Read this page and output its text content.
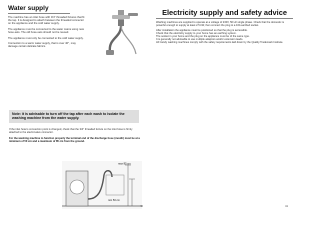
Water supply

The machine has an inlet hose with 3/4" threaded fixtures that fit the tap. It is designed to attach between the threaded connector on the appliance and the cold water supply.

The appliance must be connected to the water mains using new hose-sets. The old hose-sets should not be reused.

The appliance must only be connected to the cold water supply.

Connection to a warm water supply, that is over 40°, may damage certain delicate fabrics.

Note: it is advisable to turn off the tap after each wash to isolate the washing machine from the water supply.

If the inlet hose's connection point is changed, check that the 3/4" threaded ferrule on the inlet hose is firmly attached to the electrovalve connector.

For the washing machine to function properly the terminal end of the discharge hose (mouth) must be at a minimum of 50 cm and a maximum of 85 cm from the ground.

min 50 cm
max 85 cm
40
Electricity supply and safety advice

Washing machines are supplied to operate at a voltage of 230V, 50 Hz single phase. Check that the domestic is powerful enough to supply at least 2.5 kW, then connect the plug to a 16A earthed socket.

After installation the appliance must be positioned so that the plug is accessible.

Check that the electricity supply to your home has an earthing system.

The socket in your home and the plug on the appliance must be of the same type.

It is generally not advisable to use multiple adaptors and/or extension leads.

All Candy washing machines comply with the safety requirements laid down by the Quality Trademark Institute.

41
